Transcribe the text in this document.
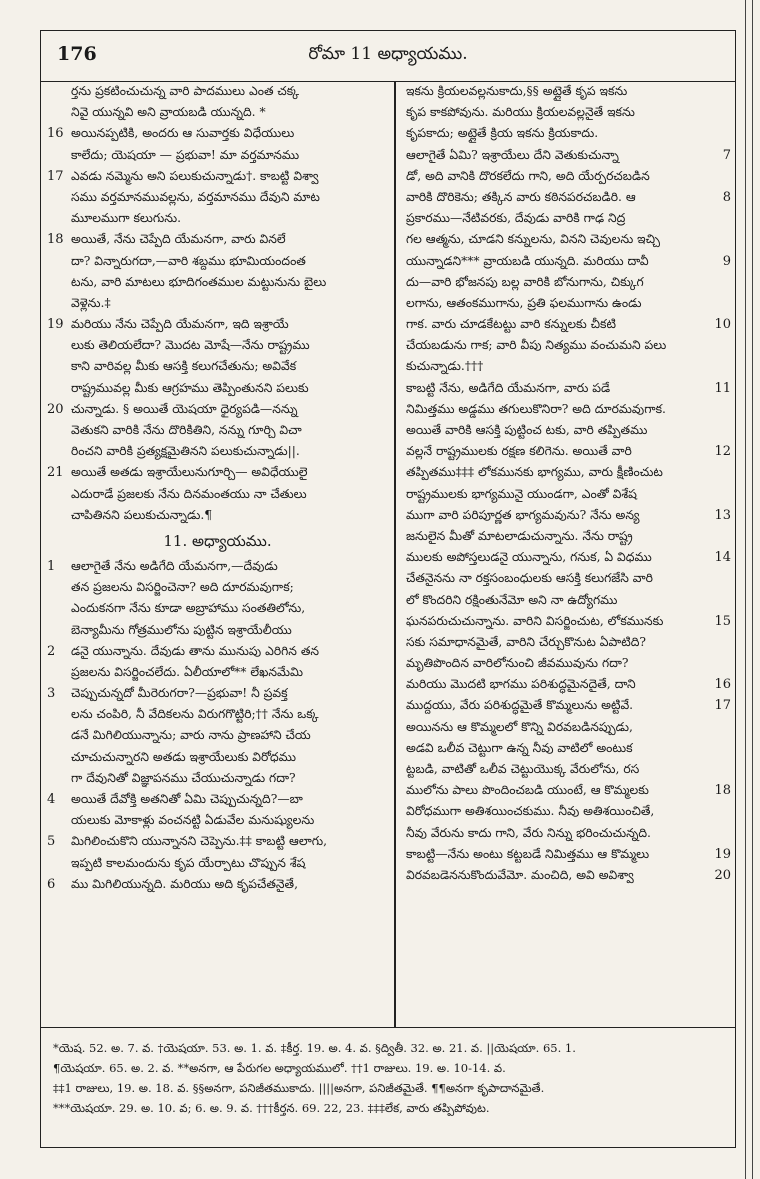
176	రోమా 11 అధ్యాయము.
ర్తను ప్రకటించుచున్న వారి పాదములు ఎంత చక్క
నివై యున్నవి అని వ్రాయబడి యున్నది. *
16 అయినప్పటికి, అందరు ఆ సువార్తకు విధేయులు
కాలేదు; యెషయా — ప్రభువా! మా వర్తమానము
17 ఎవడు నమ్మెను అని పలుకుచున్నాడు†. కాబట్టి విశ్వా
సము వర్తమానమువల్లను, వర్తమానము దేవుని మాట
మూలముగా కలుగును.
18 అయితే, నేను చెప్పేది యేమనగా, వారు వినలే
దా? విన్నారుగదా,—వారి శబ్దము భూమియందంత
టను, వారి మాటలు భూదిగంతముల మట్టునును బైలు
వెళ్లెను.‡
19 మరియు నేను చెప్పేది యేమనగా, ఇది ఇశ్రాయే
లుకు తెలియలేదా? మొదట మోషే—నేను రాష్ట్రము
కాని వారివల్ల మీకు ఆసక్తి కలుగచేతును; అవివేక
రాష్ట్రమువల్ల మీకు ఆగ్రహము తెప్పింతునని పలుకు
20 చున్నాడు. § అయితే యెషయా ధైర్యపడి—నన్ను
వెతుకని వారికి నేను దొరికితిని, నన్ను గూర్చి విచా
రించని వారికి ప్రత్యక్షమైతినని పలుకుచున్నాడు||.
21 అయితే అతడు ఇశ్రాయేలునుగూర్చి— అవిధేయులై
ఎదురాడే ప్రజలకు నేను దినమంతయు నా చేతులు
చాపితినని పలుకుచున్నాడు.¶
11. అధ్యాయము.
1 ఆలాగైతే నేను అడిగేది యేమనగా,—దేవుడు
తన ప్రజలను విసర్జించెనా? అది దూరమవుగాక;
ఎందుకనగా నేను కూడా అబ్రాహాము సంతతిలోను,
బెన్యామీను గోత్రములోను పుట్టిన ఇశ్రాయేలీయు
2 డనై యున్నాను. దేవుడు తాను మునుపు ఎరిగిన తన
ప్రజలను విసర్జించలేదు. ఏలీయాలో** లేఖనమేమి
3 చెప్పుచున్నదో మీరెరుగరా?—ప్రభువా! నీ ప్రవక్త
లను చంపిరి, నీ వేదికలను విరుగగొట్టిరి;†† నేను ఒక్క
డనే మిగిలియున్నాను; వారు నాను ప్రాణహాని చేయ
చూచుచున్నారని అతడు ఇశ్రాయేలుకు విరోధము
గా దేవునితో విజ్ఞాపనము చేయుచున్నాడు గదా?
4 అయితే దేవోక్తి అతనితో ఏమి చెప్పుచున్నది?—బా
యలుకు మోకాళ్లు వంచనట్టి ఏడువేల మనుష్యులను
5 మిగిలించుకొని యున్నానని చెప్పెను.‡‡ కాబట్టి ఆలాగు,
ఇప్పటి కాలమందును కృప యేర్పాటు చొప్పున శేష
6 ము మిగిలియున్నది. మరియు అది కృపచేతనైతే,
ఇకను క్రియలవల్లనుకాదు,§§ అట్లైతే కృప ఇకను
కృప కాకపోవును. మరియు క్రియలవల్లనైతే ఇకను
కృపకాదు; అట్లైతే క్రియ ఇకను క్రియకాదు.
7
ఆలాగైతే ఏమి? ఇశ్రాయేలు దేని వెతుకుచున్నా
డో, అది వానికి దొరకలేదు గాని, అది యేర్పరచబడిన
8
వారికి దొరికెను; తక్కిన వారు కఠినపరచబడిరి. ఆ
ప్రకారము—నేటివరకు, దేవుడు వారికి గాఢ నిద్ర
గల ఆత్మను, చూడని కన్నులను, వినని చెవులను ఇచ్చి
9
యున్నాడని*** వ్రాయబడి యున్నది. మరియు దావీ
దు—వారి భోజనపు బల్ల వారికి బోనుగాను, చిక్కుగ
లగాను, ఆతంకముగాను, ప్రతి ఫలముగాను ఉండు
10
గాక. వారు చూడకేటట్టు వారి కన్నులకు చీకటి
చేయబడును గాక; వారి వీపు నిత్యము వంచుమని పలు
కుచున్నాడు.†††
11
కాబట్టి నేను, అడిగేది యేమనగా, వారు పడే
నిమిత్తము అడ్డము తగులుకొనిరా? అది దూరమవుగాక.
అయితే వారికి ఆసక్తి పుట్టించ టకు, వారి తప్పితము
12
వల్లనే రాష్ట్రములకు రక్షణ కలిగెను. అయితే వారి
తప్పితము‡‡‡ లోకమునకు భాగ్యము, వారు క్షీణించుట
రాష్ట్రములకు భాగ్యమునై యుండగా, ఎంతో విశేష
13
ముగా వారి పరిపూర్ణత భాగ్యమవును? నేను అన్య
జనులైన మీతో మాటలాడుచున్నాను. నేను రాష్ట్ర
14
ములకు అపోస్తలుడనై యున్నాను, గనుక, ఏ విధము
చేతనైనను నా రక్తసంబంధులకు ఆసక్తి కలుగజేసి వారి
లో కొందరిని రక్షింతునేమో అని నా ఉద్యోగము
15
ఘనపరుచుచున్నాను. వారిని విసర్జించుట, లోకమునకు
సకు సమాధానమైతే, వారిని చేర్చుకొనుట ఏపాటిది?
మృతిపొందిన వారిలోనుంచి జీవమువును గదా?
16
మరియు మొదటి భాగము పరిశుద్ధమైనదైతే, దాని
17
ముద్దయు, వేరు పరిశుద్ధమైతే కొమ్మలును అట్టివే.
అయినను ఆ కొమ్మలలో కొన్ని విరవబడినప్పుడు,
అడవి ఒలీవ చెట్టుగా ఉన్న నీవు వాటిలో అంటుక
ట్టబడి, వాటితో ఒలీవ చెట్టుయొక్క వేరులోను, రస
18
ములోను పాలు పొందించబడి యుంటే, ఆ కొమ్మలకు
విరోధముగా అతిశయించకుము. నీవు అతిశయించితే,
నీవు వేరును కాదు గాని, వేరు నిన్ను భరించుచున్నది.
19
కాబట్టి—నేను అంటు కట్టబడే నిమిత్తము ఆ కొమ్మలు
20
విరవబడెననుకొందువేమో. మంచిది, అవి అవిశ్వా
*యెష. 52. అ. 7. వ. †యెషయా. 53. అ. 1. వ. ‡కీర్త. 19. అ. 4. వ. §ద్వితీ. 32. అ. 21. వ. ||యెషయా. 65. 1.
¶యెషయా. 65. అ. 2. వ. **అనగా, ఆ పేరుగల అధ్యాయములో. ††1 రాజులు. 19. అ. 10-14. వ.
‡‡1 రాజులు, 19. అ. 18. వ. §§అనగా, పనిజీతముకాదు. ||||అనగా, పనిజీతమైతే. ¶¶అనగా కృపాదానమైతే.
***యెషయా. 29. అ. 10. వ; 6. అ. 9. వ. †††కీర్తన. 69. 22, 23. ‡‡‡లేక, వారు తప్పిపోవుట.
